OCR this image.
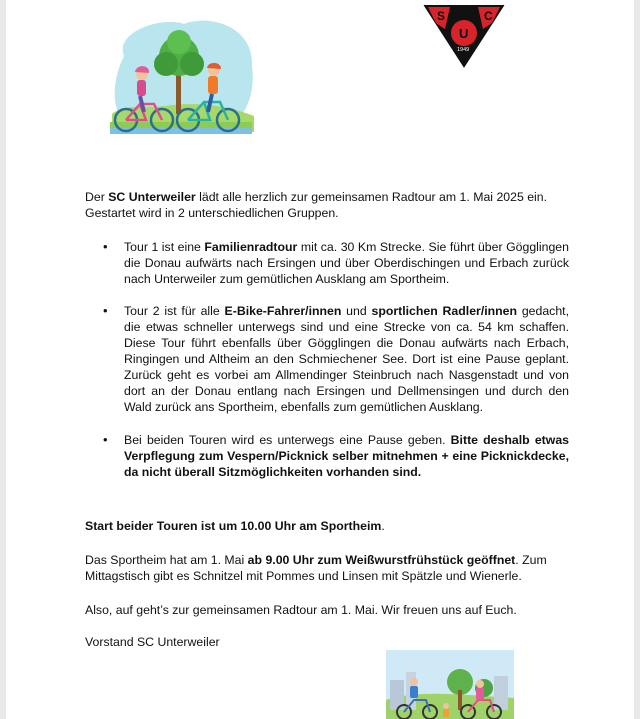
S	C
U
1949

Der SC Unterweiler lädt alle herzlich zur gemeinsamen Radtour am 1. Mai 2025 ein. Gestartet wird in 2 unterschiedlichen Gruppen.

• Tour 1 ist eine Familienradtour mit ca. 30 Km Strecke. Sie führt über Gögglingen die Donau aufwärts nach Ersingen und über Oberdischingen und Erbach zurück nach Unterweiler zum gemütlichen Ausklang am Sportheim.
• Tour 2 ist für alle E-Bike-Fahrer/innen und sportlichen Radler/innen gedacht, die etwas schneller unterwegs sind und eine Strecke von ca. 54 km schaffen. Diese Tour führt ebenfalls über Gögglingen die Donau aufwärts nach Erbach, Ringingen und Altheim an den Schmiechener See. Dort ist eine Pause geplant. Zurück geht es vorbei am Allmendinger Steinbruch nach Nasgenstadt und von dort an der Donau entlang nach Ersingen und Dellmensingen und durch den Wald zurück ans Sportheim, ebenfalls zum gemütlichen Ausklang.
• Bei beiden Touren wird es unterwegs eine Pause geben. Bitte deshalb etwas Verpflegung zum Vespern/Picknick selber mitnehmen + eine Picknickdecke, da nicht überall Sitzmöglichkeiten vorhanden sind.

Start beider Touren ist um 10.00 Uhr am Sportheim.

Das Sportheim hat am 1. Mai ab 9.00 Uhr zum Weißwurstfrühstück geöffnet. Zum Mittagstisch gibt es Schnitzel mit Pommes und Linsen mit Spätzle und Wienerle.

Also, auf geht’s zur gemeinsamen Radtour am 1. Mai. Wir freuen uns auf Euch.

Vorstand SC Unterweiler
